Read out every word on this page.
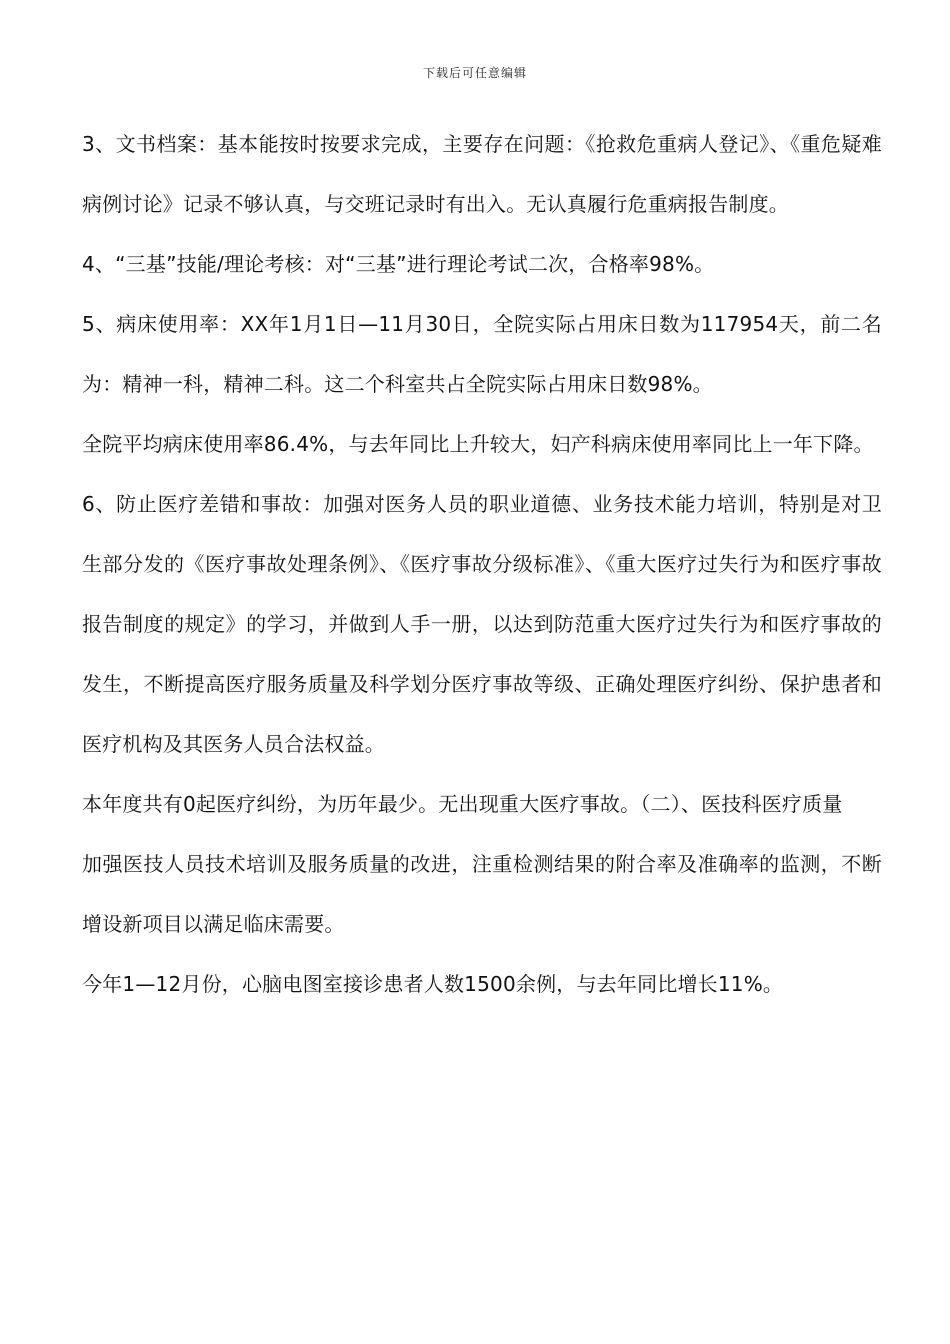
下载后可任意编辑

3、文书档案：基本能按时按要求完成，主要存在问题：《抢救危重病人登记》、《重危疑难病例讨论》记录不够认真，与交班记录时有出入。无认真履行危重病报告制度。

4、“三基”技能/理论考核：对“三基”进行理论考试二次，合格率98%。

5、病床使用率：XX年1月1日—11月30日，全院实际占用床日数为117954天，前二名为：精神一科，精神二科。这二个科室共占全院实际占用床日数98%。

全院平均病床使用率86.4%，与去年同比上升较大，妇产科病床使用率同比上一年下降。

6、防止医疗差错和事故：加强对医务人员的职业道德、业务技术能力培训，特别是对卫生部分发的《医疗事故处理条例》、《医疗事故分级标准》、《重大医疗过失行为和医疗事故报告制度的规定》的学习，并做到人手一册，以达到防范重大医疗过失行为和医疗事故的发生，不断提高医疗服务质量及科学划分医疗事故等级、正确处理医疗纠纷、保护患者和医疗机构及其医务人员合法权益。

本年度共有0起医疗纠纷，为历年最少。无出现重大医疗事故。（二）、医技科医疗质量

加强医技人员技术培训及服务质量的改进，注重检测结果的附合率及准确率的监测，不断增设新项目以满足临床需要。

今年1—12月份，心脑电图室接诊患者人数1500余例，与去年同比增长11%。
